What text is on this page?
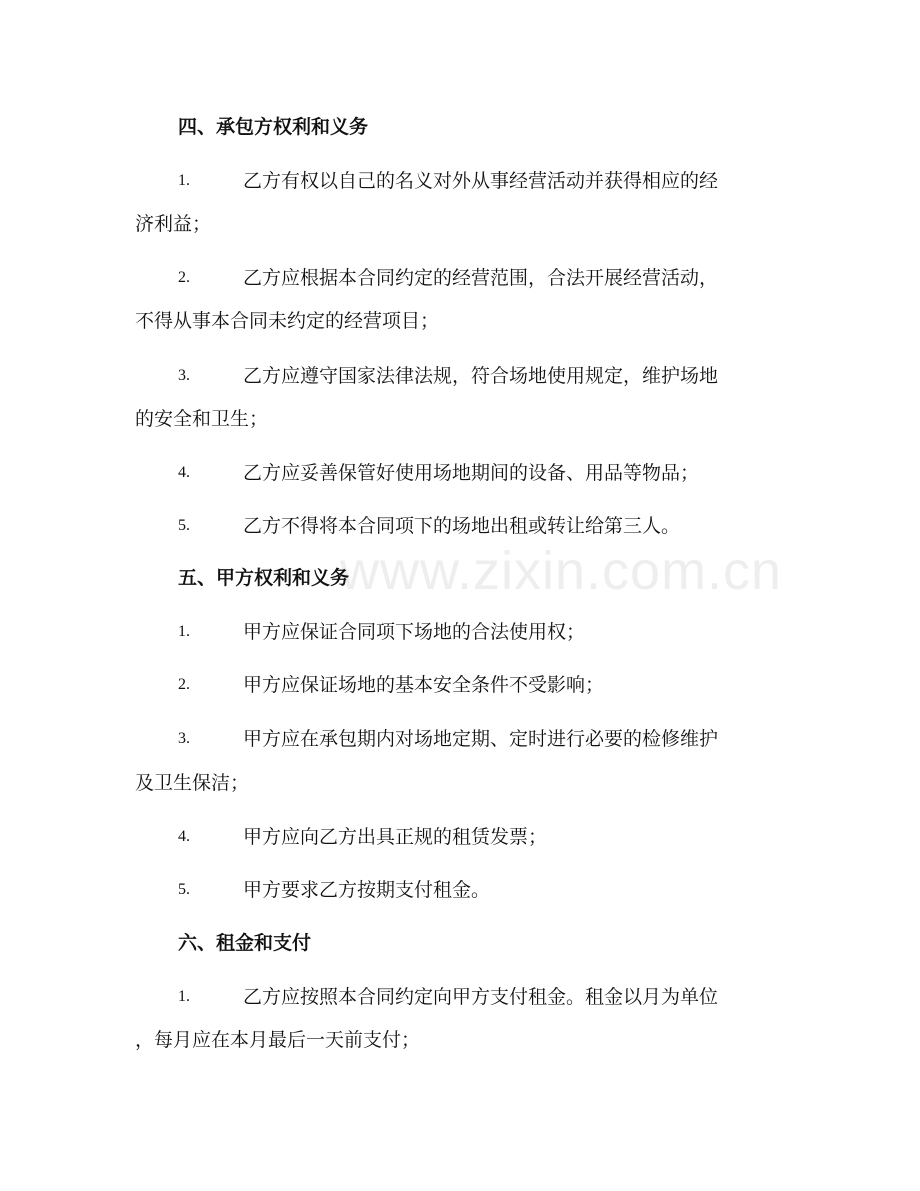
www.zixin.com.cn
四、承包方权利和义务
1.	乙方有权以自己的名义对外从事经营活动并获得相应的经
济利益；
2.	乙方应根据本合同约定的经营范围，合法开展经营活动，
不得从事本合同未约定的经营项目；
3.	乙方应遵守国家法律法规，符合场地使用规定，维护场地
的安全和卫生；
4.	乙方应妥善保管好使用场地期间的设备、用品等物品；
5.	乙方不得将本合同项下的场地出租或转让给第三人。
五、甲方权利和义务
1.	甲方应保证合同项下场地的合法使用权；
2.	甲方应保证场地的基本安全条件不受影响；
3.	甲方应在承包期内对场地定期、定时进行必要的检修维护
及卫生保洁；
4.	甲方应向乙方出具正规的租赁发票；
5.	甲方要求乙方按期支付租金。
六、租金和支付
1.	乙方应按照本合同约定向甲方支付租金。租金以月为单位
，每月应在本月最后一天前支付；
